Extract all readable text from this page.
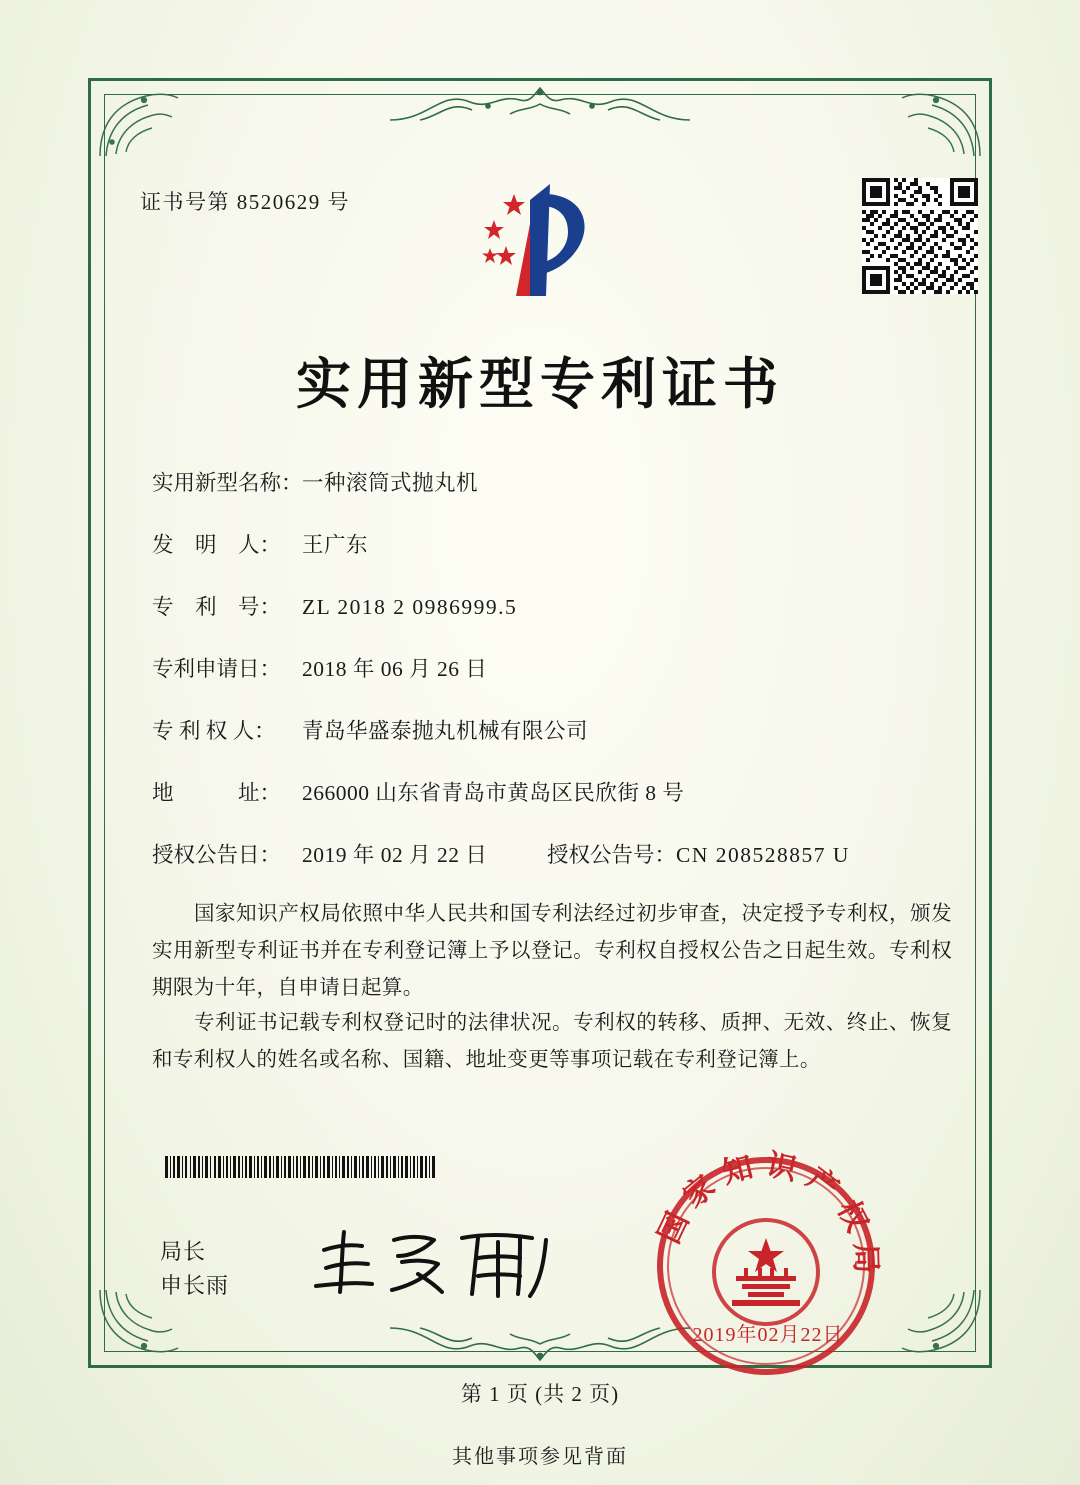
证书号第 8520629 号
实用新型专利证书
实用新型名称：一种滚筒式抛丸机
发　明　人： 王广东
专　利　号： ZL 2018 2 0986999.5
专利申请日： 2018 年 06 月 26 日
专 利 权 人： 青岛华盛泰抛丸机械有限公司
地　　　址： 266000 山东省青岛市黄岛区民欣街 8 号
授权公告日： 2019 年 02 月 22 日	授权公告号：CN 208528857 U
国家知识产权局依照中华人民共和国专利法经过初步审查，决定授予专利权，颁发实用新型专利证书并在专利登记簿上予以登记。专利权自授权公告之日起生效。专利权期限为十年，自申请日起算。
专利证书记载专利权登记时的法律状况。专利权的转移、质押、无效、终止、恢复和专利权人的姓名或名称、国籍、地址变更等事项记载在专利登记簿上。
局长
申长雨
国家知识产权局
2019年02月22日
第 1 页 (共 2 页)
其他事项参见背面
